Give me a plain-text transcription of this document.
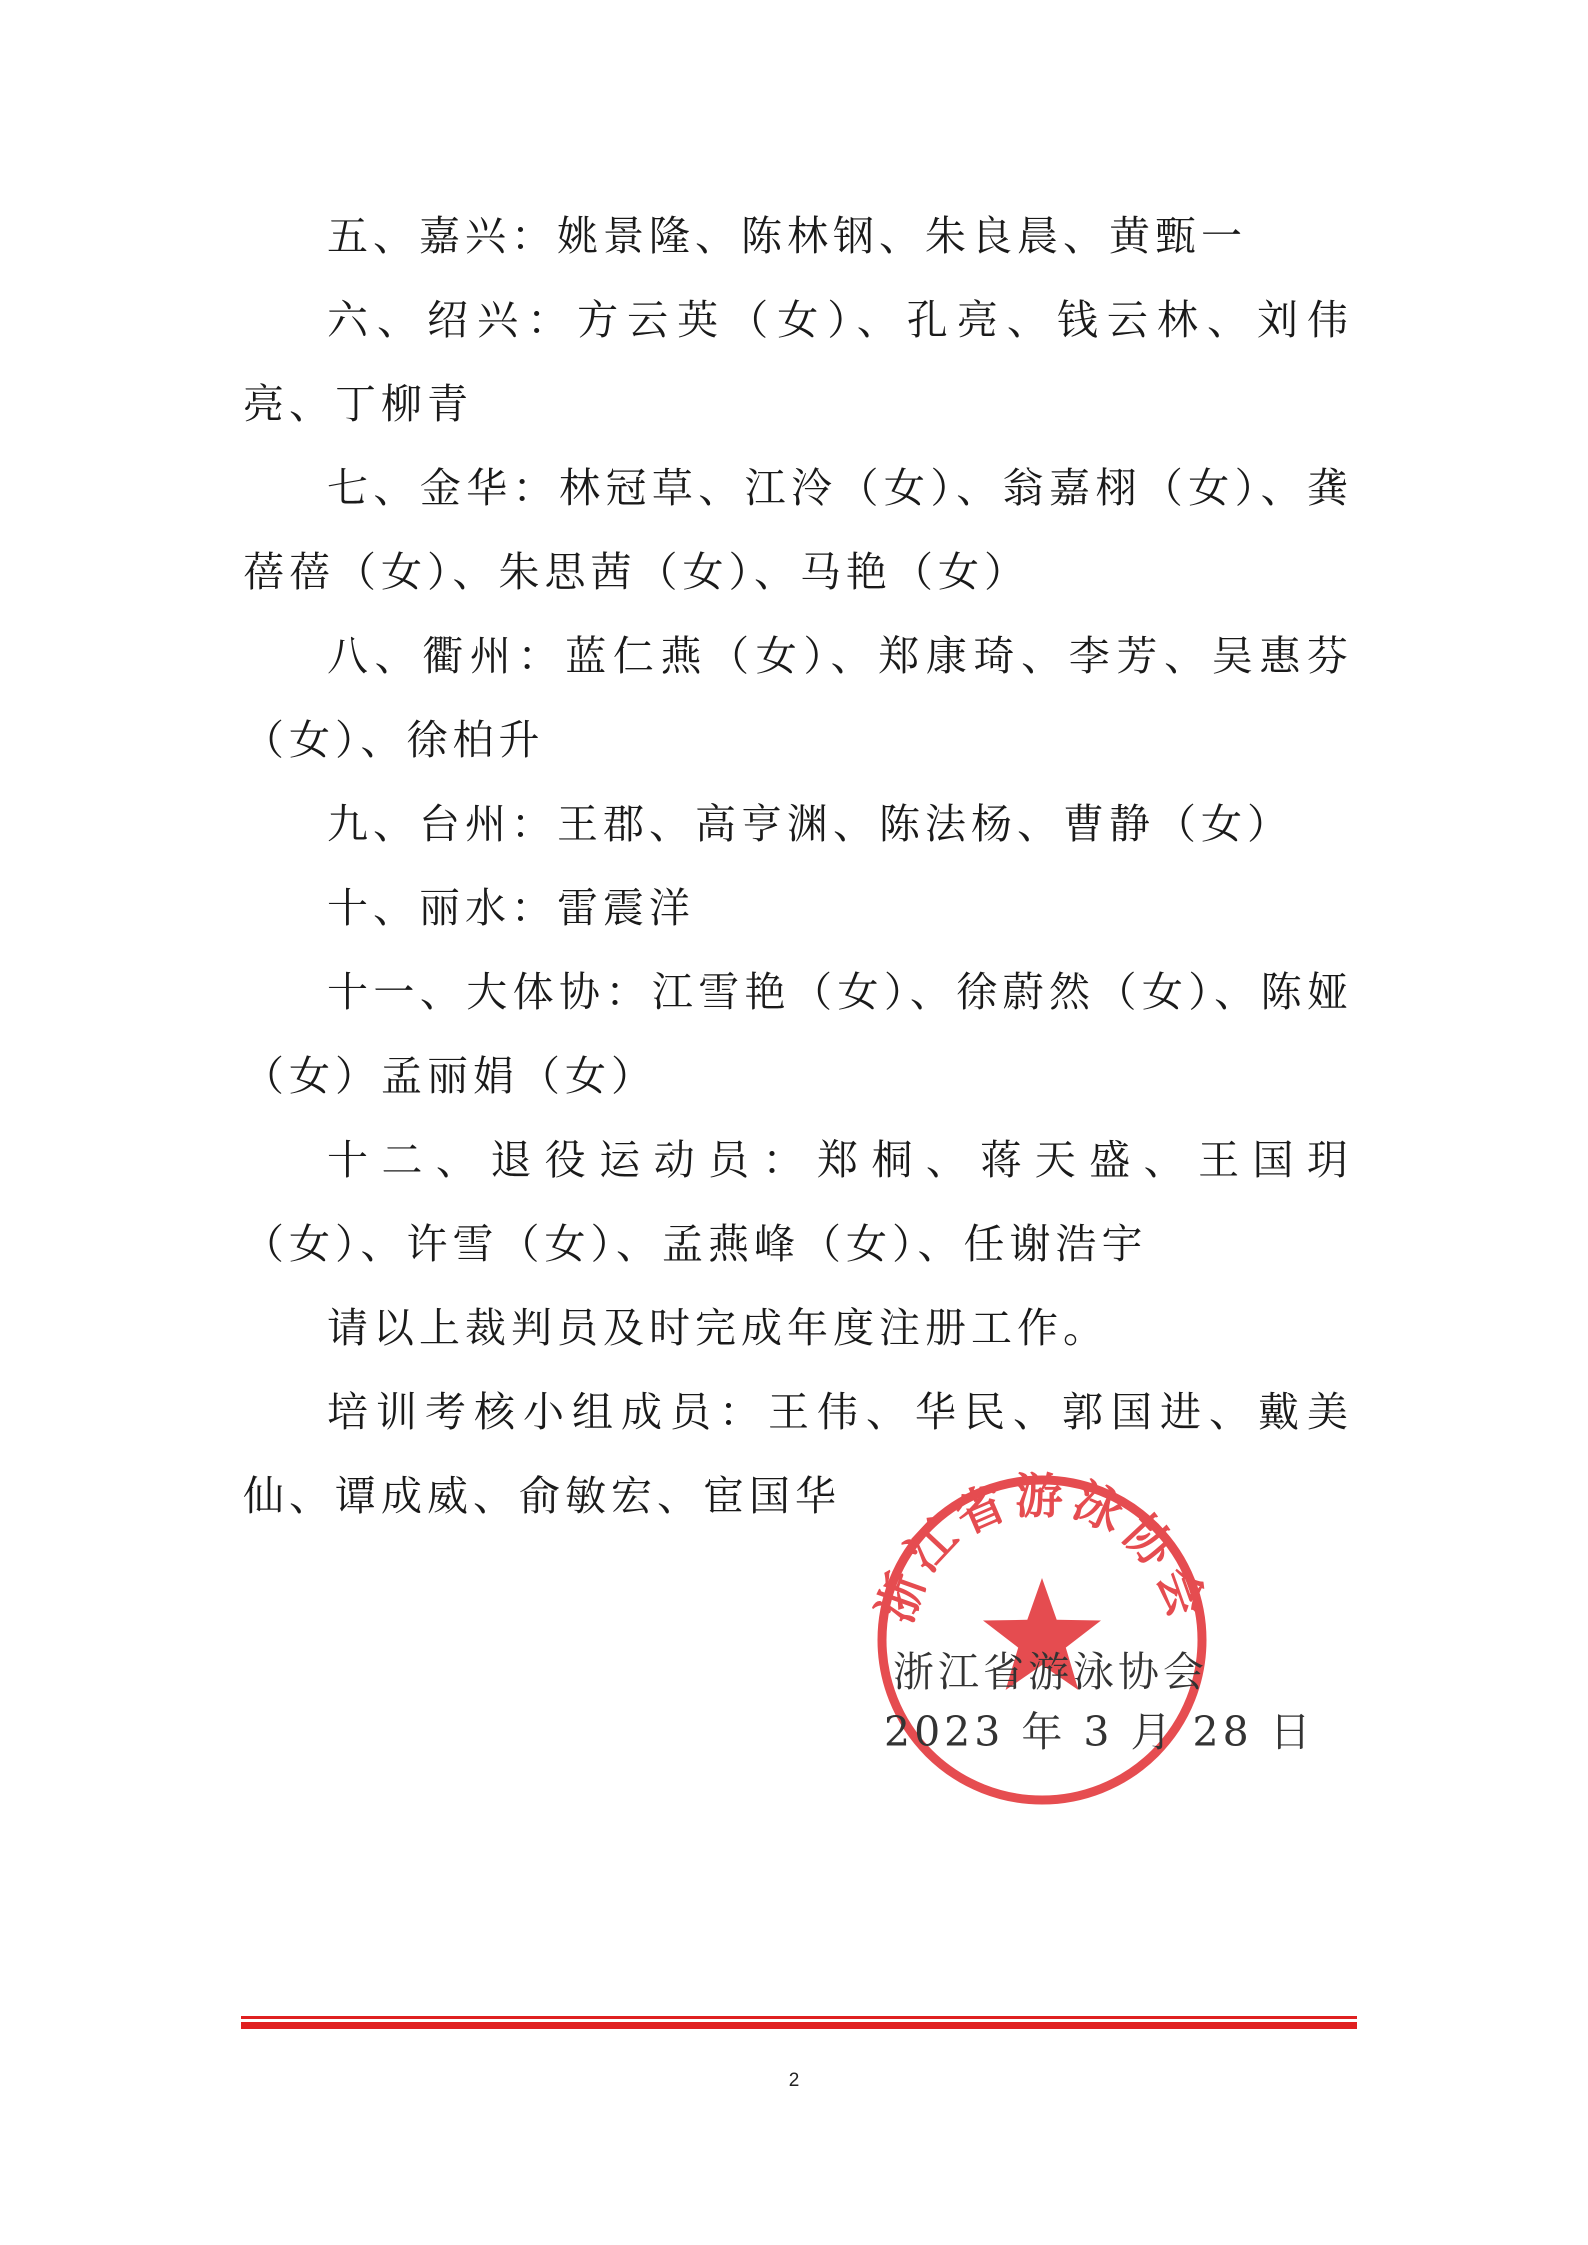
五、嘉兴：姚景隆、陈林钢、朱良晨、黄甄一

六、绍兴：方云英（女）、孔亮、钱云林、刘伟亮、丁柳青

七、金华：林冠草、江泠（女）、翁嘉栩（女）、龚蓓蓓（女）、朱思茜（女）、马艳（女）

八、衢州：蓝仁燕（女）、郑康琦、李芳、吴惠芬（女）、徐柏升

九、台州：王郡、高亨渊、陈法杨、曹静（女）

十、丽水：雷震洋

十一、大体协：江雪艳（女）、徐蔚然（女）、陈娅（女）孟丽娟（女）

十二、退役运动员：郑桐、蒋天盛、王国玥（女）、许雪（女）、孟燕峰（女）、任谢浩宇

请以上裁判员及时完成年度注册工作。

培训考核小组成员：王伟、华民、郭国进、戴美仙、谭成威、俞敏宏、宦国华

浙江省游泳协会
浙江省游泳协会
2023 年 3 月 28 日
2
